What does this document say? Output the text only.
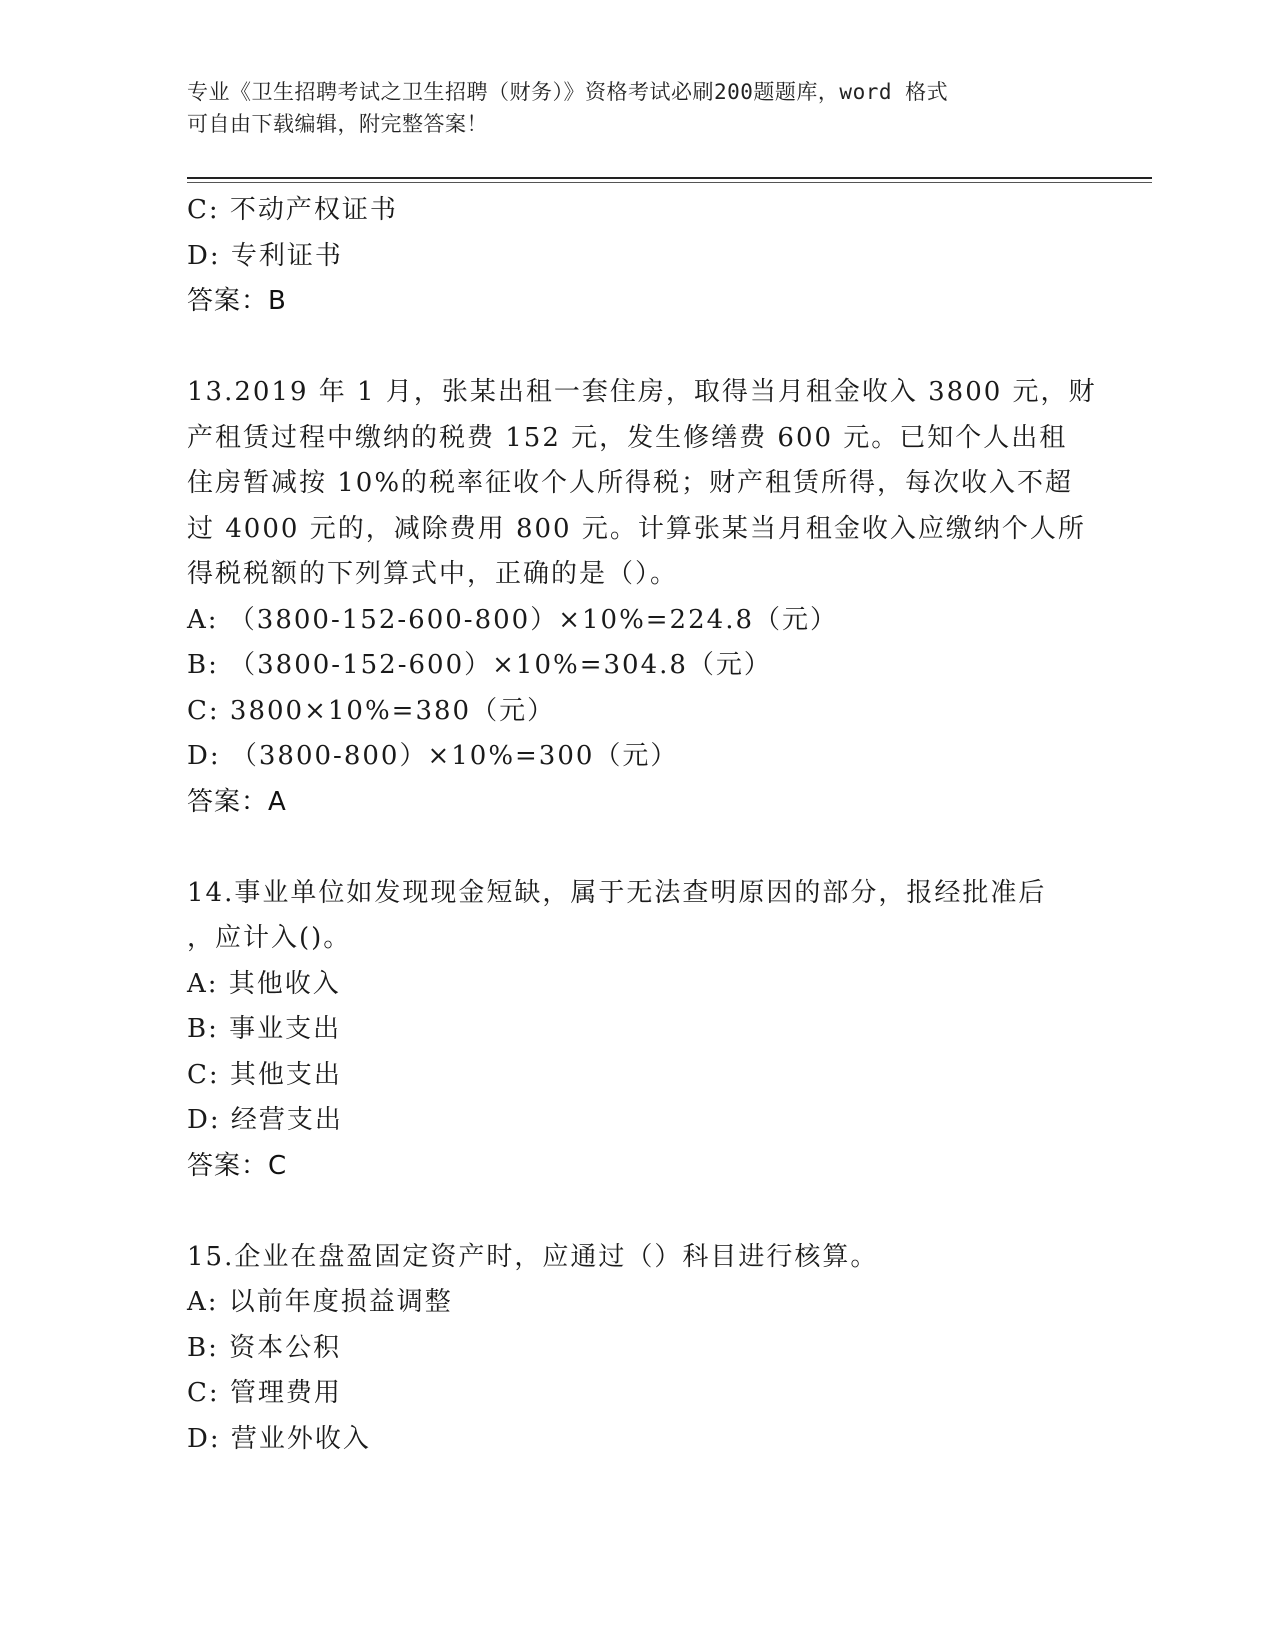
专业《卫生招聘考试之卫生招聘（财务）》资格考试必刷200题题库，word 格式
可自由下载编辑，附完整答案！
C: 不动产权证书
D: 专利证书
答案：B
13.2019 年 1 月，张某出租一套住房，取得当月租金收入 3800 元，财
产租赁过程中缴纳的税费 152 元，发生修缮费 600 元。已知个人出租
住房暂减按 10%的税率征收个人所得税；财产租赁所得，每次收入不超
过 4000 元的，减除费用 800 元。计算张某当月租金收入应缴纳个人所
得税税额的下列算式中，正确的是（）。
A: （3800-152-600-800）×10%=224.8（元）
B: （3800-152-600）×10%=304.8（元）
C: 3800×10%=380（元）
D: （3800-800）×10%=300（元）
答案：A
14.事业单位如发现现金短缺，属于无法查明原因的部分，报经批准后
，应计入()。
A: 其他收入
B: 事业支出
C: 其他支出
D: 经营支出
答案：C
15.企业在盘盈固定资产时，应通过（）科目进行核算。
A: 以前年度损益调整
B: 资本公积
C: 管理费用
D: 营业外收入
